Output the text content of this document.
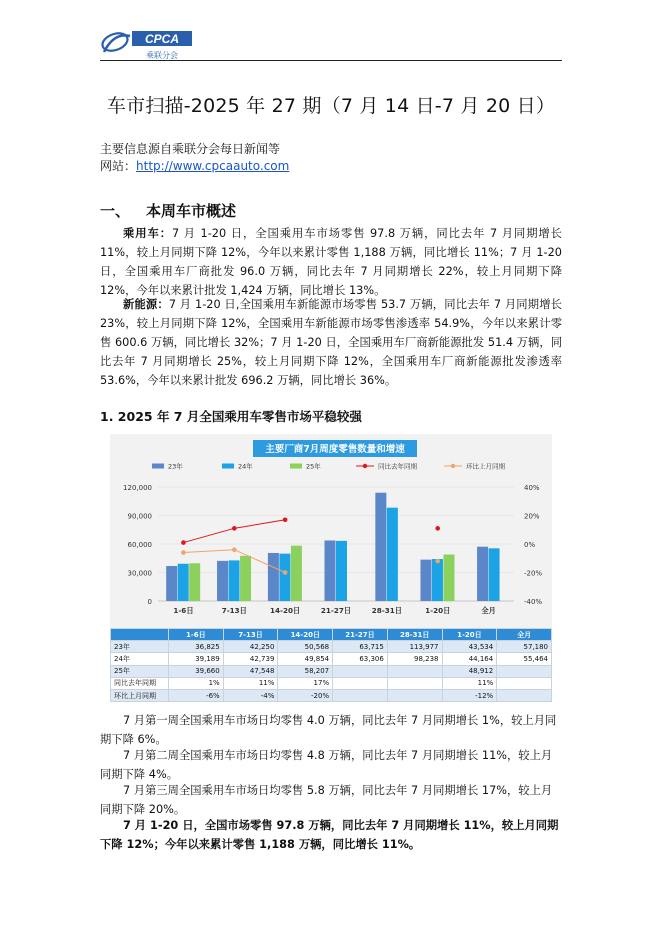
CPCA
乘联分会
车市扫描-2025 年 27 期（7 月 14 日-7 月 20 日）
主要信息源自乘联分会每日新闻等
网站：http://www.cpcaauto.com
一、 本周车市概述

乘用车：7 月 1-20 日，全国乘用车市场零售 97.8 万辆，同比去年 7 月同期增长 11%，较上月同期下降 12%，今年以来累计零售 1,188 万辆，同比增长 11%；7 月 1-20 日，全国乘用车厂商批发 96.0 万辆，同比去年 7 月同期增长 22%，较上月同期下降 12%，今年以来累计批发 1,424 万辆，同比增长 13%。

新能源：7 月 1-20 日,全国乘用车新能源市场零售 53.7 万辆，同比去年 7 月同期增长 23%，较上月同期下降 12%，全国乘用车新能源市场零售渗透率 54.9%，今年以来累计零售 600.6 万辆，同比增长 32%；7 月 1-20 日，全国乘用车厂商新能源批发 51.4 万辆，同比去年 7 月同期增长 25%，较上月同期下降 12%，全国乘用车厂商新能源批发渗透率 53.6%，今年以来累计批发 696.2 万辆，同比增长 36%。

1. 2025 年 7 月全国乘用车零售市场平稳较强
主要厂商7月周度零售数量和增速
23年	24年	25年	同比去年同期	环比上月同期
120,000
90,000
60,000
30,000
0
40%
20%
0%
-20%
-40%
1-6日	7-13日	14-20日	21-27日	28-31日	1-20日	全月
	1-6日	7-13日	14-20日	21-27日	28-31日	1-20日	全月
23年	36,825	42,250	50,568	63,715	113,977	43,534	57,180
24年	39,189	42,739	49,854	63,306	98,238	44,164	55,464
25年	39,660	47,548	58,207			48,912	
同比去年同期	1%	11%	17%			11%	
环比上月同期	-6%	-4%	-20%			-12%	

7 月第一周全国乘用车市场日均零售 4.0 万辆，同比去年 7 月同期增长 1%，较上月同期下降 6%。

7 月第二周全国乘用车市场日均零售 4.8 万辆，同比去年 7 月同期增长 11%，较上月同期下降 4%。

7 月第三周全国乘用车市场日均零售 5.8 万辆，同比去年 7 月同期增长 17%，较上月同期下降 20%。

7 月 1-20 日，全国市场零售 97.8 万辆，同比去年 7 月同期增长 11%，较上月同期下降 12%；今年以来累计零售 1,188 万辆，同比增长 11%。
